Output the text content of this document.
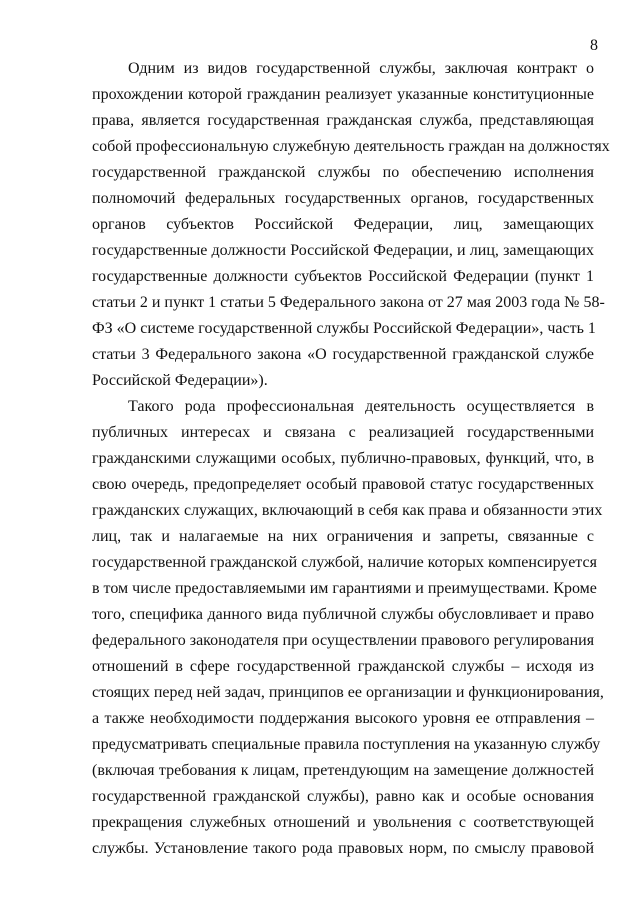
8
Одним из видов государственной службы, заключая контракт о
прохождении которой гражданин реализует указанные конституционные
права, является государственная гражданская служба, представляющая
собой профессиональную служебную деятельность граждан на должностях
государственной гражданской службы по обеспечению исполнения
полномочий федеральных государственных органов, государственных
органов субъектов Российской Федерации, лиц, замещающих
государственные должности Российской Федерации, и лиц, замещающих
государственные должности субъектов Российской Федерации (пункт 1
статьи 2 и пункт 1 статьи 5 Федерального закона от 27 мая 2003 года № 58-
ФЗ «О системе государственной службы Российской Федерации», часть 1
статьи 3 Федерального закона «О государственной гражданской службе
Российской Федерации»).
Такого рода профессиональная деятельность осуществляется в
публичных интересах и связана с реализацией государственными
гражданскими служащими особых, публично-правовых, функций, что, в
свою очередь, предопределяет особый правовой статус государственных
гражданских служащих, включающий в себя как права и обязанности этих
лиц, так и налагаемые на них ограничения и запреты, связанные с
государственной гражданской службой, наличие которых компенсируется
в том числе предоставляемыми им гарантиями и преимуществами. Кроме
того, специфика данного вида публичной службы обусловливает и право
федерального законодателя при осуществлении правового регулирования
отношений в сфере государственной гражданской службы – исходя из
стоящих перед ней задач, принципов ее организации и функционирования,
а также необходимости поддержания высокого уровня ее отправления –
предусматривать специальные правила поступления на указанную службу
(включая требования к лицам, претендующим на замещение должностей
государственной гражданской службы), равно как и особые основания
прекращения служебных отношений и увольнения с соответствующей
службы. Установление такого рода правовых норм, по смыслу правовой
